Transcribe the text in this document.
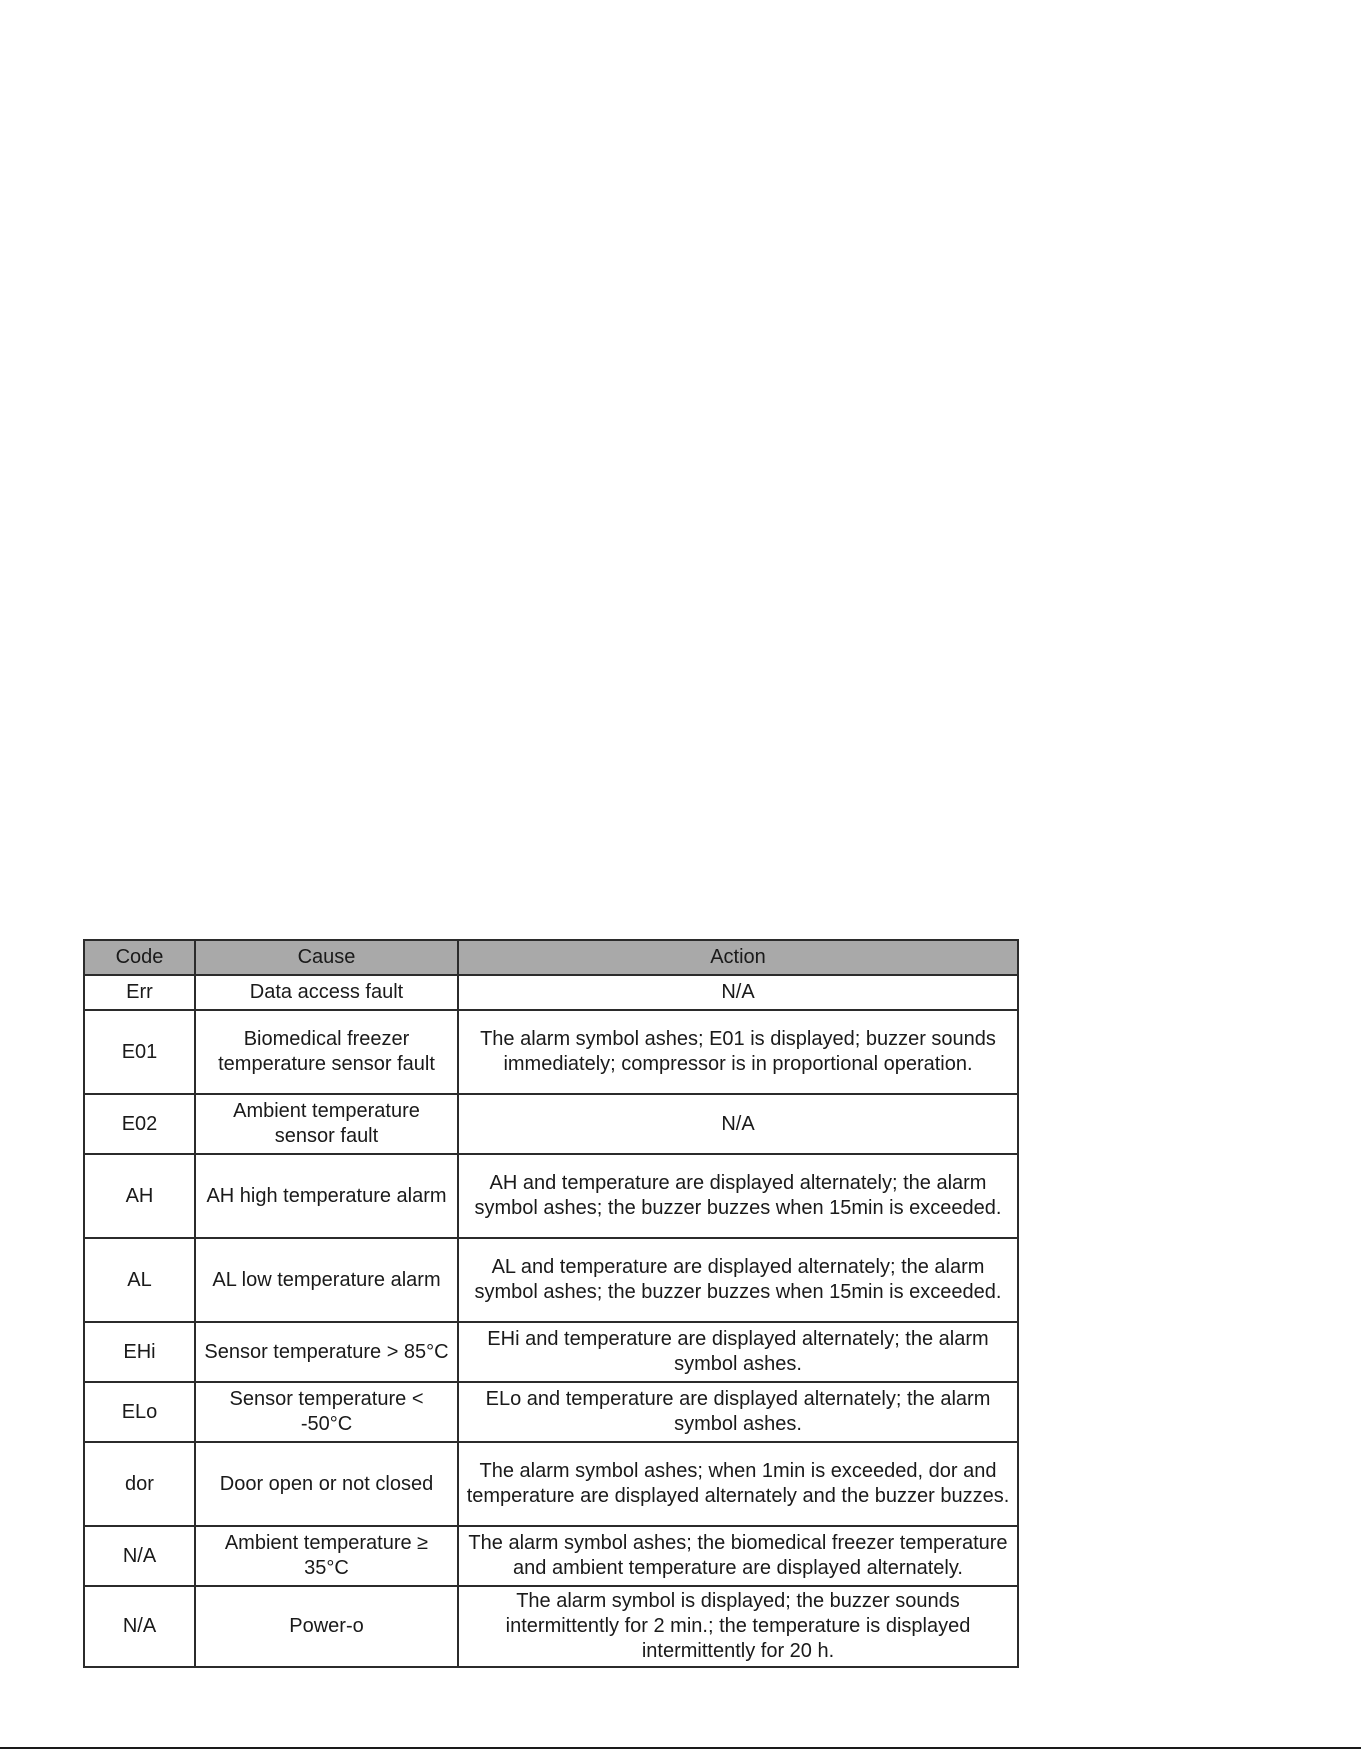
Code	Cause	Action
Err	Data access fault	N/A
E01	Biomedical freezer temperature sensor fault	The alarm symbol ashes; E01 is displayed; buzzer sounds immediately; compressor is in proportional operation.
E02	Ambient temperature sensor fault	N/A
AH	AH high temperature alarm	AH and temperature are displayed alternately; the alarm symbol ashes; the buzzer buzzes when 15min is exceeded.
AL	AL low temperature alarm	AL and temperature are displayed alternately; the alarm symbol ashes; the buzzer buzzes when 15min is exceeded.
EHi	Sensor temperature > 85°C	EHi and temperature are displayed alternately; the alarm symbol ashes.
ELo	Sensor temperature < -50°C	ELo and temperature are displayed alternately; the alarm symbol ashes.
dor	Door open or not closed	The alarm symbol ashes; when 1min is exceeded, dor and temperature are displayed alternately and the buzzer buzzes.
N/A	Ambient temperature ≥ 35°C	The alarm symbol ashes; the biomedical freezer temperature and ambient temperature are displayed alternately.
N/A	Power-o	The alarm symbol is displayed; the buzzer sounds intermittently for 2 min.; the temperature is displayed intermittently for 20 h.
